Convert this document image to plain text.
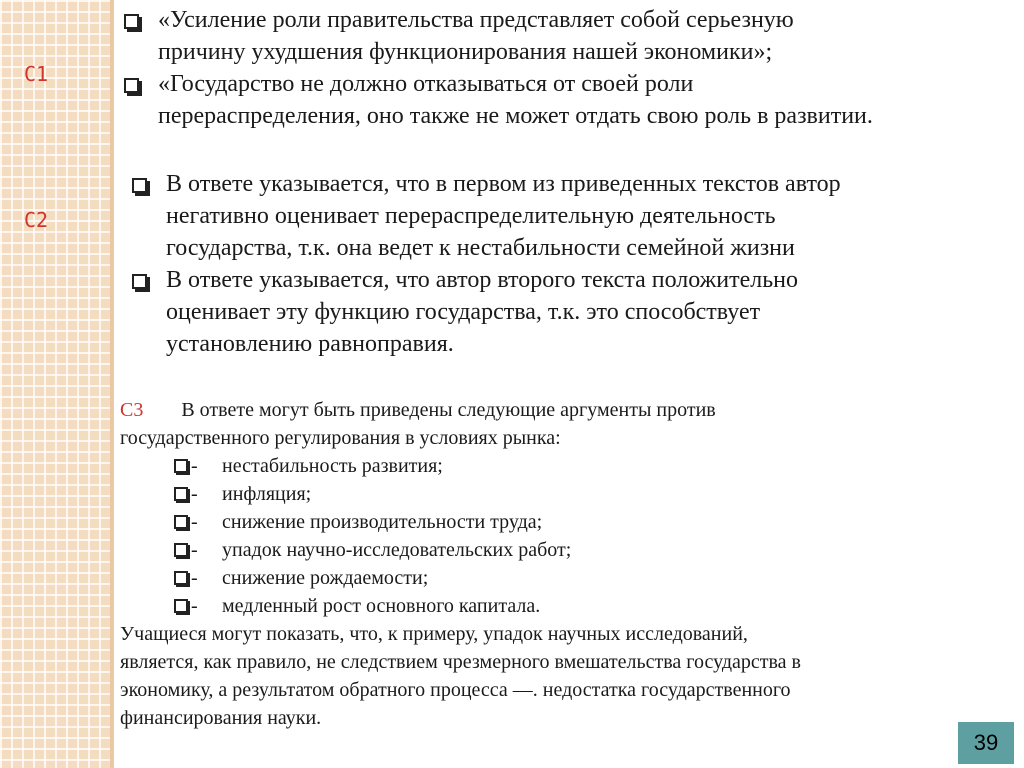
С1
С2
«Усиление роли правительства представляет собой серьезную
причину ухудшения функционирования нашей экономики»;
«Государство не должно отказываться от своей роли
перераспределения, оно также не может отдать свою роль в развитии.
В ответе указывается, что в первом из приведенных текстов автор
негативно оценивает перераспределительную деятельность
государства, т.к. она ведет к нестабильности семейной жизни
В ответе указывается, что автор второго текста положительно
оценивает эту функцию государства, т.к. это способствует
установлению равноправия.
С3 В ответе могут быть приведены следующие аргументы против
государственного регулирования в условиях рынка:
- нестабильность развития;
- инфляция;
- снижение производительности труда;
- упадок научно-исследовательских работ;
- снижение рождаемости;
- медленный рост основного капитала.
Учащиеся могут показать, что, к примеру, упадок научных исследований,
является, как правило, не следствием чрезмерного вмешательства государства в
экономику, а результатом обратного процесса —. недостатка государственного
финансирования науки.
39
